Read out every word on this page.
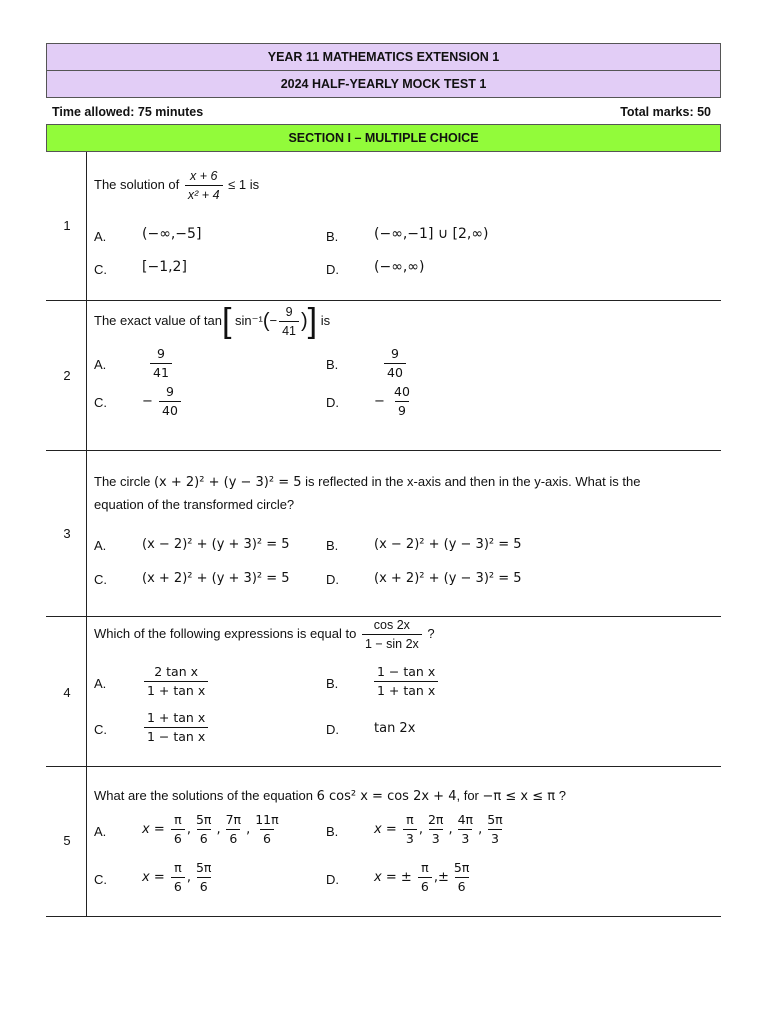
YEAR 11 MATHEMATICS EXTENSION 1
2024 HALF-YEARLY MOCK TEST 1
Time allowed: 75 minutes	Total marks: 50
SECTION I – MULTIPLE CHOICE
1
The solution of $\frac{x + 6}{\text{x² + 4}} \le 1$ is
A.	(−∞,−5]	B.	(−∞,−1] ∪ [2,∞)
C.	[−1,2]	D.	(−∞,∞)
2
The exact value of tan[ $\sin^{-1}(- \frac{9}{41}$ )] is
A.	$\frac{9}{41}$	B.	$\frac{9}{40}$
C.	− $\frac{9}{40}$	D.	− $\frac{40}{9}$
3
The circle (x + 2)² + (y − 3)² = 5 is reflected in the x-axis and then in the y-axis. What is the
equation of the transformed circle?
A.	(x − 2)² + (y + 3)² = 5	B.	(x − 2)² + (y − 3)² = 5
C.	(x + 2)² + (y + 3)² = 5	D.	(x + 2)² + (y − 3)² = 5
4
Which of the following expressions is equal to $\frac{\cos 2x}{1 - \sin 2x}$ ?
A.	$\frac{\text{2 tan x}}{\text{1 + tan x}}$	B.	$\frac{\text{1 − tan x}}{\text{1 + tan x}}$
C.	$\frac{\text{1 + tan x}}{\text{1 − tan x}}$	D.	tan 2x
5
What are the solutions of the equation 6 cos² x = cos 2x + 4, for −π ≤ x ≤ π ?
A.	$x = \frac{\pi}{6}$ , $\frac{5\pi}{6}$ , $\frac{7\pi}{6}$ , $\frac{11\pi}{6}$	B.	$x = \frac{\pi}{3}$ , $\frac{2\pi}{3}$ , $\frac{4\pi}{3}$ , $\frac{5\pi}{3}$
C.	$x = \frac{\pi}{6}$ , $\frac{5\pi}{6}$	D.	x = ± $\frac{\pi}{6}$ ,± $\frac{5\pi}{6}$
